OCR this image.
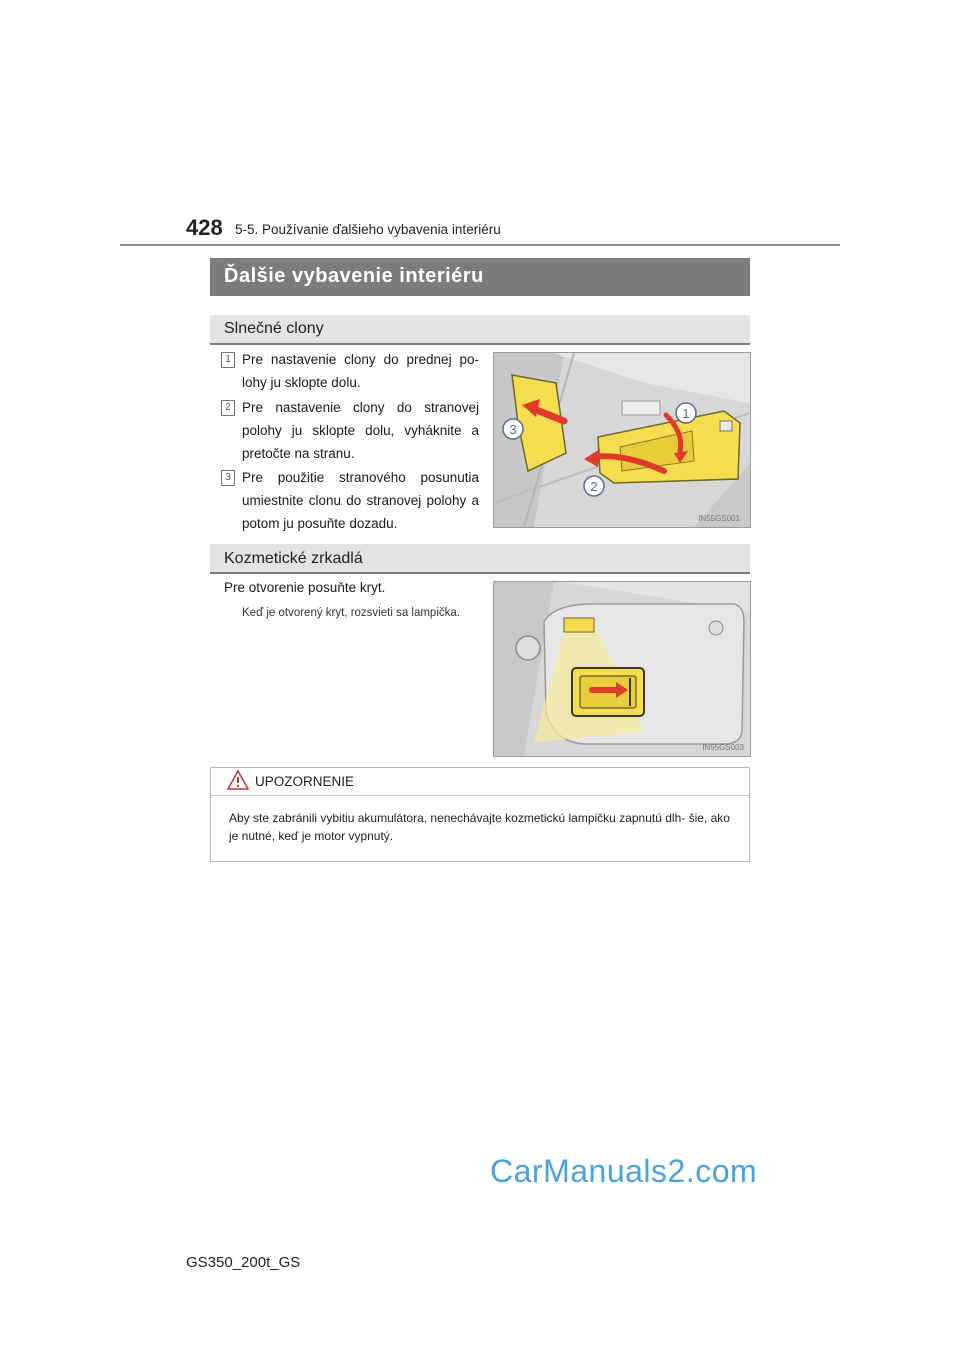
428 5-5. Používanie ďalšieho vybavenia interiéru
Ďalšie vybavenie interiéru
Slnečné clony
1 Pre nastavenie clony do prednej po- lohy ju sklopte dolu.
2 Pre nastavenie clony do stranovej polohy ju sklopte dolu, vyháknite a pretočte na stranu.
3 Pre použitie stranového posunutia umiestnite clonu do stranovej polohy a potom ju posuňte dozadu.
1
2
3
IN55GS001
Kozmetické zrkadlá
Pre otvorenie posuňte kryt.
Keď je otvorený kryt, rozsvieti sa lampička.
IN55GS003
UPOZORNENIE
Aby ste zabránili vybitiu akumulátora, nenechávajte kozmetickú lampičku zapnutú dlh- šie, ako je nutné, keď je motor vypnutý.
CarManuals2.com
GS350_200t_GS
